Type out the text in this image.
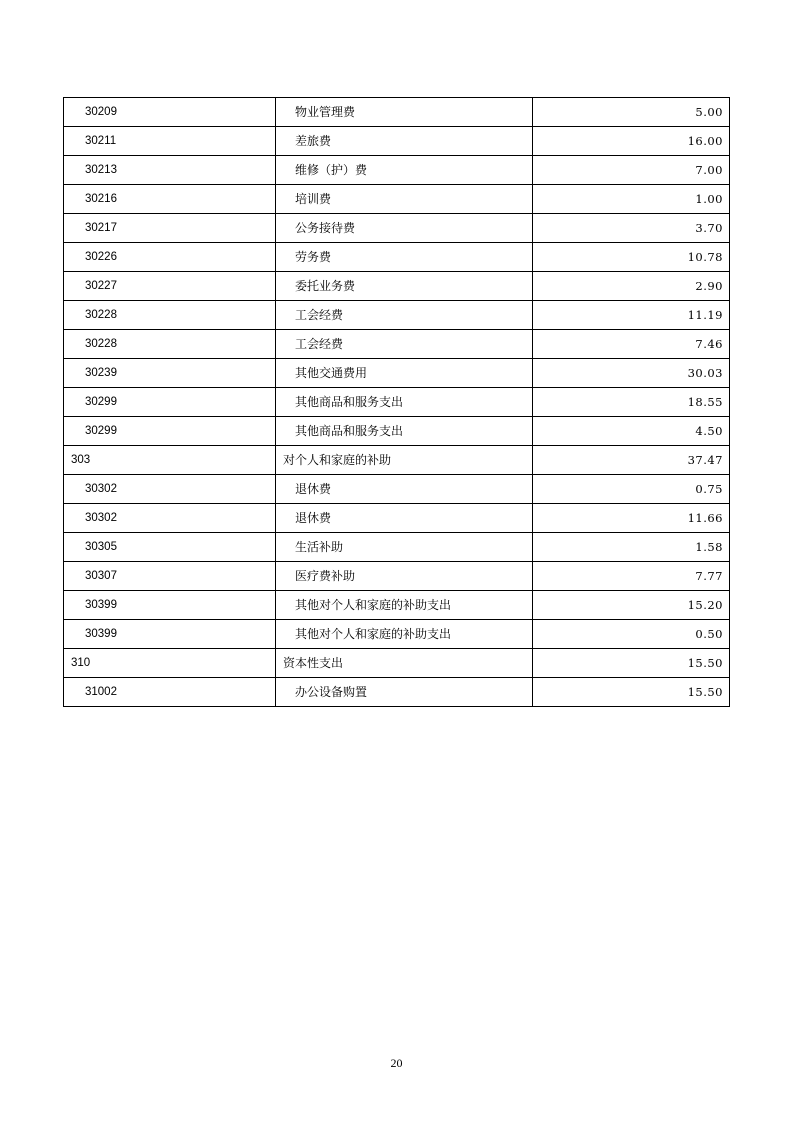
30209	物业管理费	5.00
30211	差旅费	16.00
30213	维修（护）费	7.00
30216	培训费	1.00
30217	公务接待费	3.70
30226	劳务费	10.78
30227	委托业务费	2.90
30228	工会经费	11.19
30228	工会经费	7.46
30239	其他交通费用	30.03
30299	其他商品和服务支出	18.55
30299	其他商品和服务支出	4.50
303	对个人和家庭的补助	37.47
30302	退休费	0.75
30302	退休费	11.66
30305	生活补助	1.58
30307	医疗费补助	7.77
30399	其他对个人和家庭的补助支出	15.20
30399	其他对个人和家庭的补助支出	0.50
310	资本性支出	15.50
31002	办公设备购置	15.50
20
